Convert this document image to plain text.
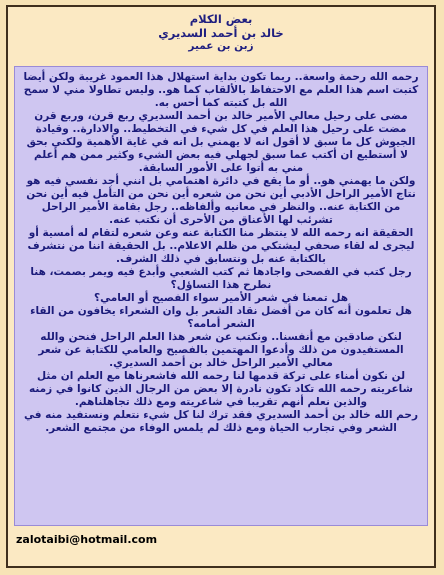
بعض الكلام
خالد بن أحمد السديري
زبن بن عمير

رحمه الله رحمة واسعة.. ربما تكون بداية استهلال هذا العمود غريبة ولكن أيضا كتبت اسم هذا العلم مع الاحتفاظ بالألقاب كما هو.. وليس تطاولا مني لا سمح الله بل كتبته كما أحس به.

مضى على رحيل معالي الأمير خالد بن أحمد السديري ربع قرن، وربع قرن مضت على رحيل هذا العلم في كل شيء في التخطيط.. والادارة.. وقيادة الجيوش كل ما سبق لا أقول انه لا يهمني بل انه في غاية الأهمية ولكني بحق لا أستطيع ان أكتب عما سبق لجهلي فيه بعض الشيء وكثير ممن هم أعلم مني به أتوا على الأمور السابقة.

ولكن ما يهمني هو.. أو ما يقع في دائرة اهتمامي بل انني أجد نفسي فيه هو نتاج الأمير الراحل الأدبي أين نحن من شعره أين نحن من التأمل فيه أين نحن من الكتابة عنه.. والنظر في معانيه وألفاظه.. رجل بقامة الأمير الراحل تشرئب لها الأعناق من الأحرى أن نكتب عنه.

الحقيقة انه رحمه الله لا ينتظر منا الكتابة عنه وعن شعره لتقام له أمسية أو ليجرى له لقاء صحفي ليشتكي من ظلم الاعلام.. بل الحقيقة اننا من نتشرف بالكتابة عنه بل ونتسابق في ذلك الشرف.

رجل كتب في الفصحى واجادها ثم كتب الشعبي وأبدع فيه ويمر بصمت، هنا نطرح هذا التساؤل؟

هل تمعنا في شعر الأمير سواء الفصيح أو العامي؟

هل تعلمون أنه كان من أفضل نقاد الشعر بل وان الشعراء يخافون من القاء الشعر أمامه؟

لنكن صادقين مع أنفسنا.. ونكتب عن شعر هذا العلم الراحل فنحن والله المستفيدون من ذلك وأدعوا المهتمين بالفصيح والعامي للكتابة عن شعر معالي الأمير الراحل خالد بن أحمد السديري.

لن نكون أمناء على تركة قدمها لنا رحمه الله فاشعرناها مع العلم ان مثل شاعريته رحمه الله تكاد تكون نادرة إلا بعض من الرجال الذين كانوا في زمنه والذين نعلم أنهم تقريبا في شاعريته ومع ذلك تجاهلناهم.

رحم الله خالد بن أحمد السديري فقد ترك لنا كل شيء نتعلم ونستفيد منه في الشعر وفي تجارب الحياة ومع ذلك لم يلمس الوفاء من مجتمع الشعر.

zalotaibi@hotmail.com
